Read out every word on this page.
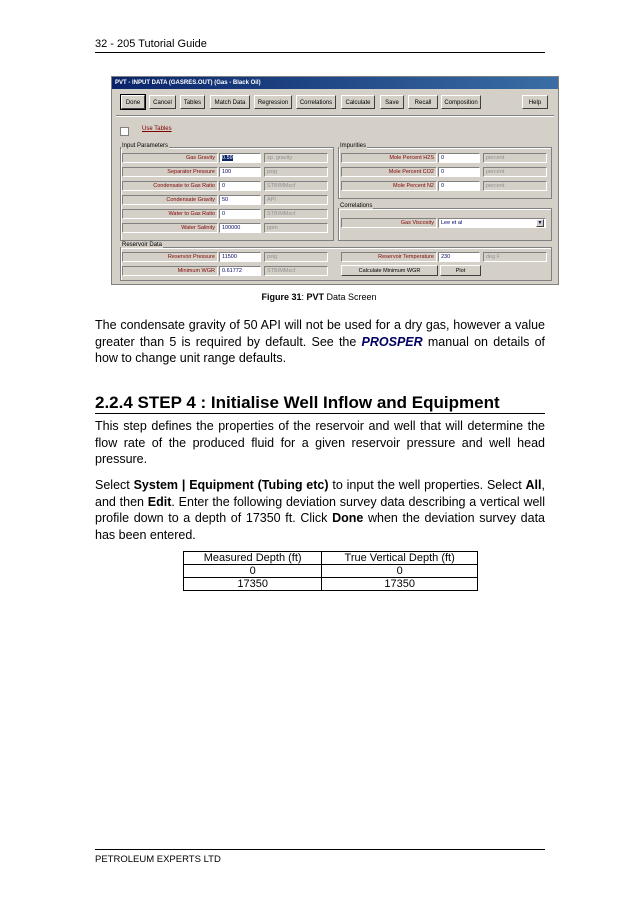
32 - 205 Tutorial Guide
PVT - INPUT DATA (GASRES.OUT) (Gas - Black Oil)
Done	Cancel	Tables	Match Data	Regression	Correlations	Calculate	Save	Recall	Composition	Help
Use Tables
Input Parameters
Gas Gravity	0.59	sp. gravity
Separator Pressure	100	psig
Condensate to Gas Ratio	0	STB/MMscf
Condensate Gravity	50	API
Water to Gas Ratio	0	STB/MMscf
Water Salinity	100000	ppm
Impurities
Mole Percent H2S	0	percent
Mole Percent CO2	0	percent
Mole Percent N2	0	percent
Correlations
Gas Viscosity	Lee et al	▼
Reservoir Data
Reservoir Pressure	11500	psig
Minimum WGR	0.61772	STB/MMscf
Reservoir Temperature	230	deg F
Calculate Minimum WGR	Plot
Figure 31: PVT Data Screen
The condensate gravity of 50 API will not be used for a dry gas, however a value greater than 5 is required by default. See the PROSPER manual on details of how to change unit range defaults.
2.2.4 STEP 4 : Initialise Well Inflow and Equipment
This step defines the properties of the reservoir and well that will determine the flow rate of the produced fluid for a given reservoir pressure and well head pressure.
Select System | Equipment (Tubing etc) to input the well properties. Select All, and then Edit. Enter the following deviation survey data describing a vertical well profile down to a depth of 17350 ft. Click Done when the deviation survey data has been entered.
Measured Depth (ft)	True Vertical Depth (ft)
0	0
17350	17350
PETROLEUM EXPERTS LTD
